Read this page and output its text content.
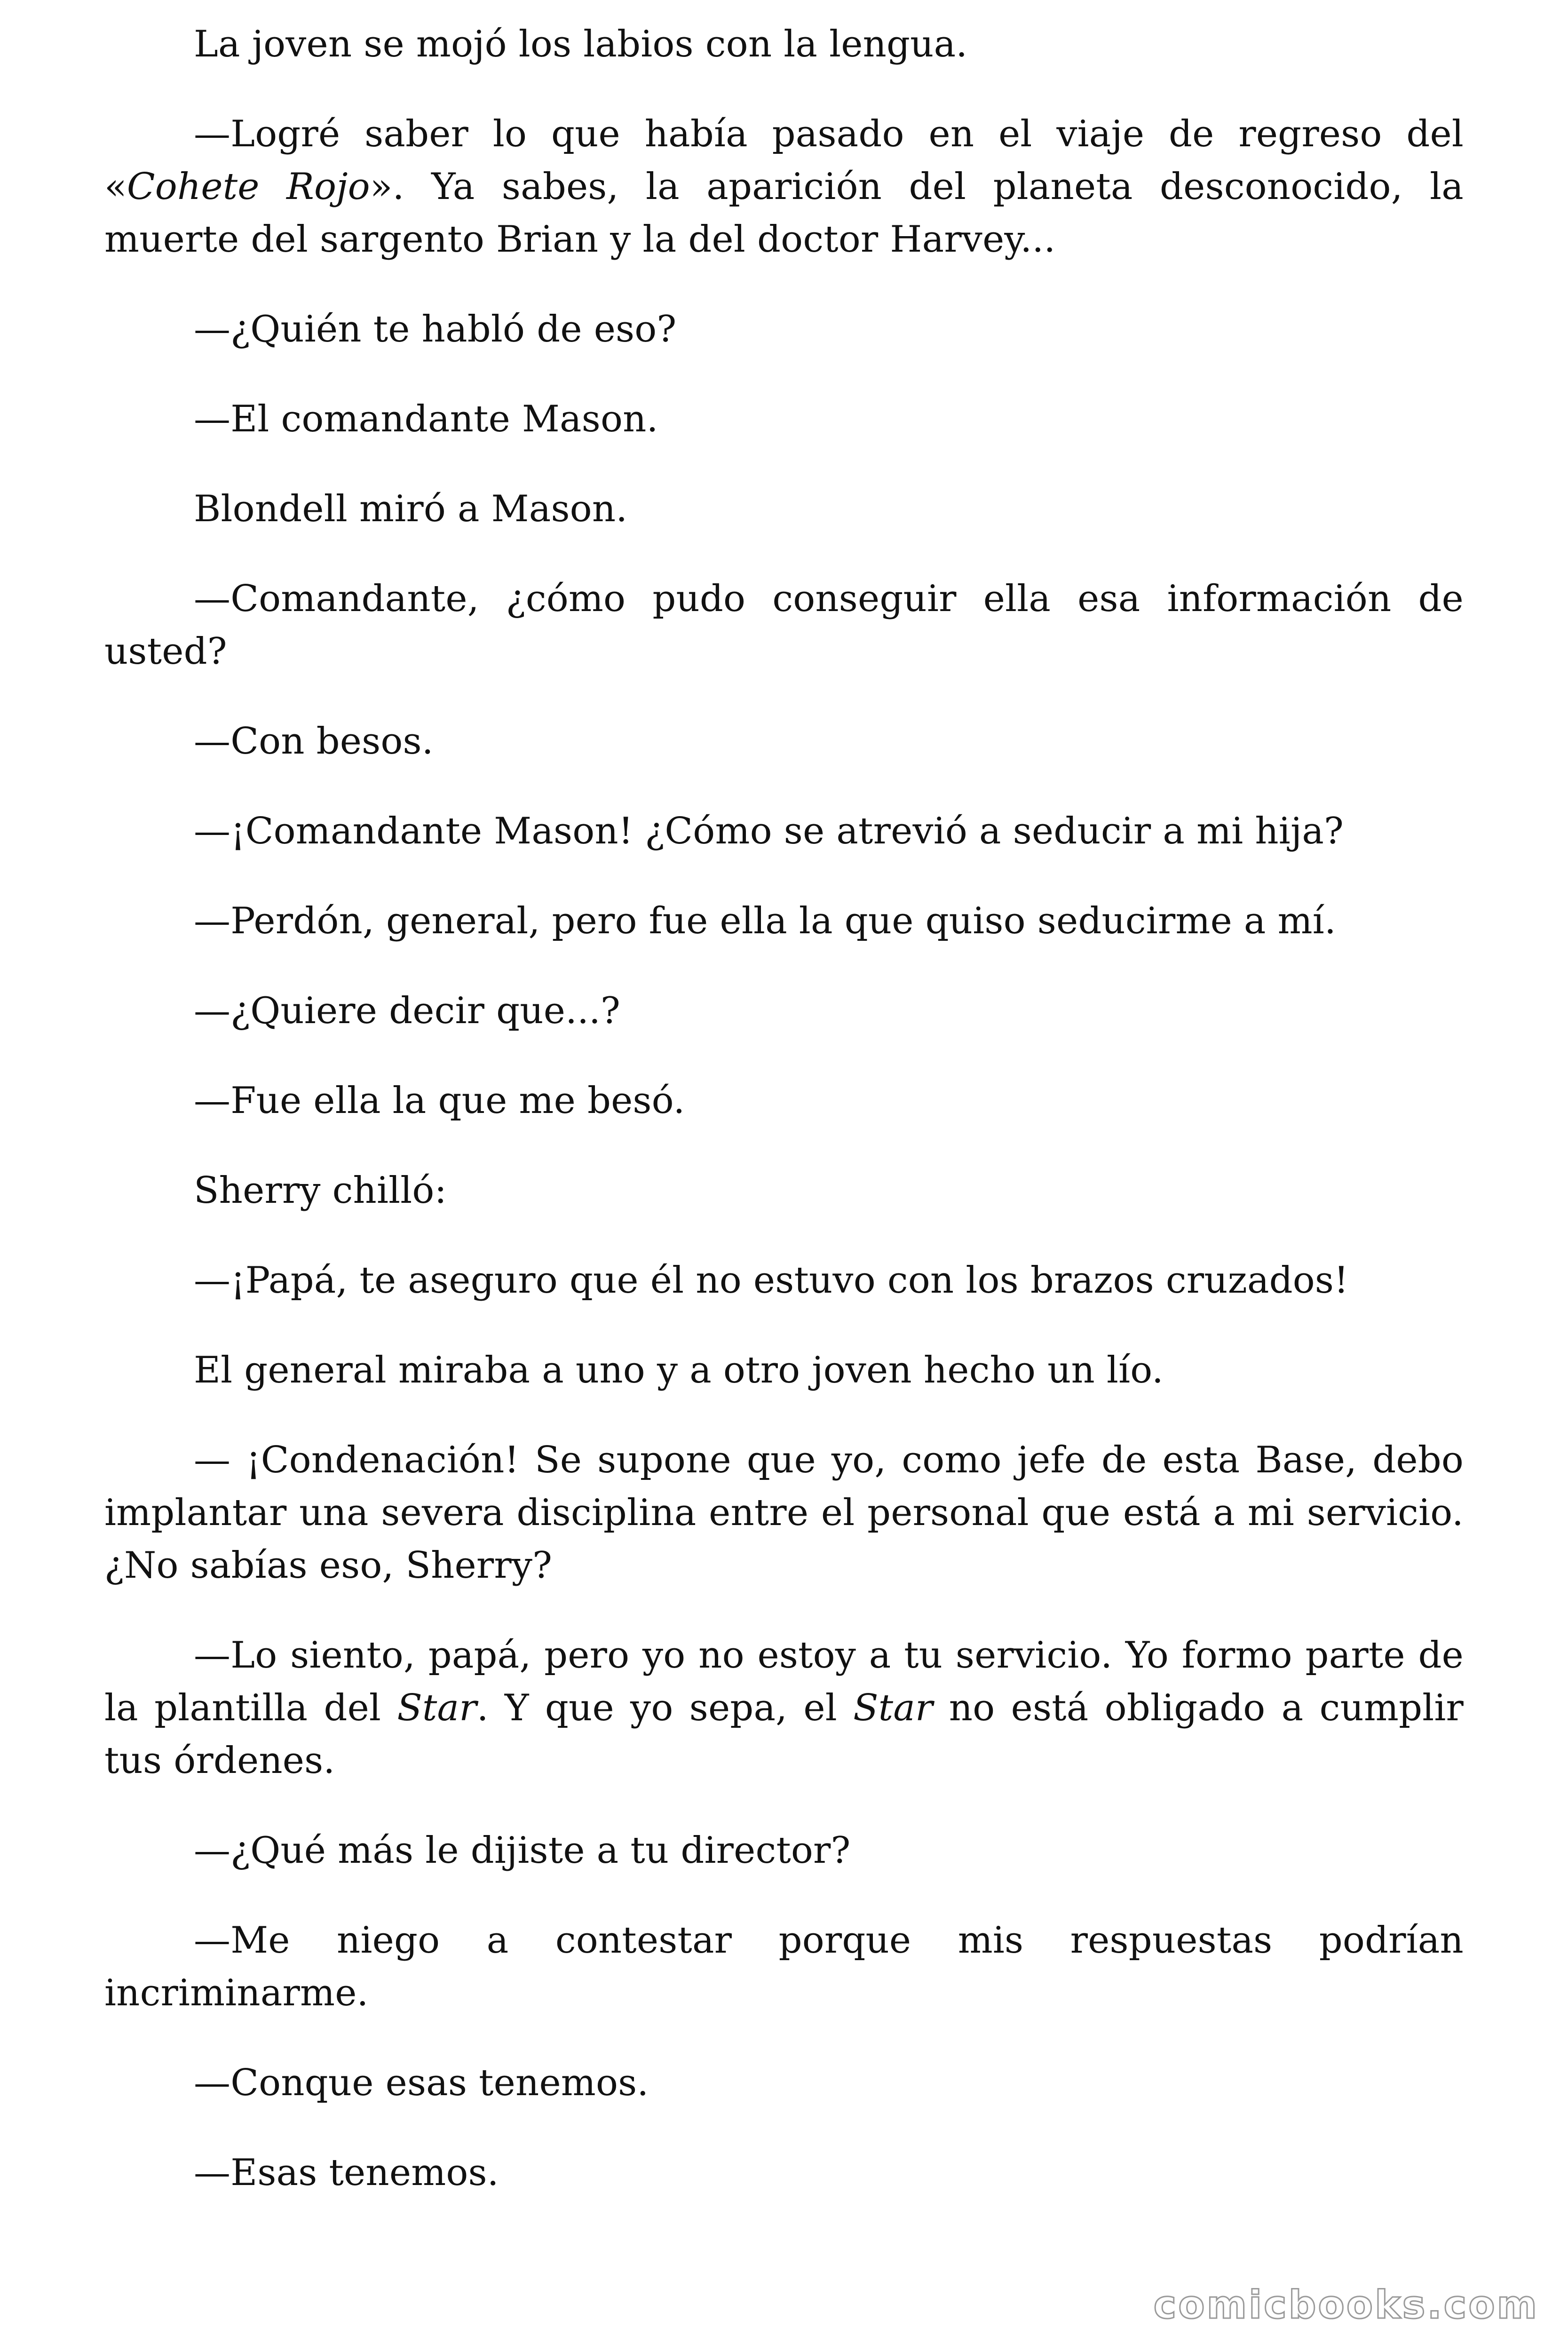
La joven se mojó los labios con la lengua.

—Logré saber lo que había pasado en el viaje de regreso del «Cohete Rojo». Ya sabes, la aparición del planeta desconocido, la muerte del sargento Brian y la del doctor Harvey...

—¿Quién te habló de eso?

—El comandante Mason.

Blondell miró a Mason.

—Comandante, ¿cómo pudo conseguir ella esa información de usted?

—Con besos.

—¡Comandante Mason! ¿Cómo se atrevió a seducir a mi hija?

—Perdón, general, pero fue ella la que quiso seducirme a mí.

—¿Quiere decir que...?

—Fue ella la que me besó.

Sherry chilló:

—¡Papá, te aseguro que él no estuvo con los brazos cruzados!

El general miraba a uno y a otro joven hecho un lío.

— ¡Condenación! Se supone que yo, como jefe de esta Base, debo implantar una severa disciplina entre el personal que está a mi servicio. ¿No sabías eso, Sherry?

—Lo siento, papá, pero yo no estoy a tu servicio. Yo formo parte de la plantilla del Star. Y que yo sepa, el Star no está obligado a cumplir tus órdenes.

—¿Qué más le dijiste a tu director?

—Me niego a contestar porque mis respuestas podrían incriminarme.

—Conque esas tenemos.

—Esas tenemos.

comicbooks.com
